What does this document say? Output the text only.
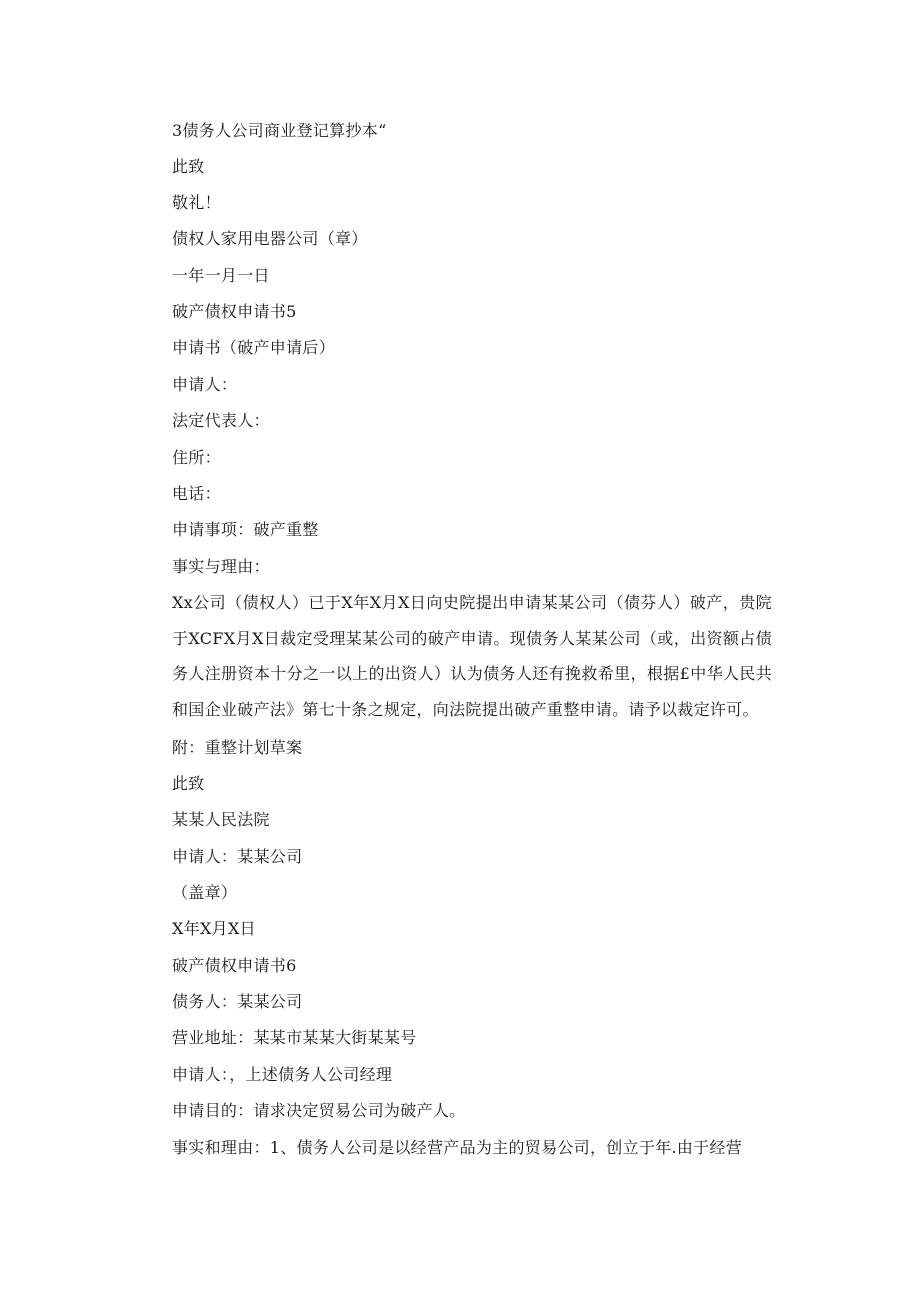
3债务人公司商业登记算抄本“
此致
敬礼！
债权人家用电器公司（章）
一年一月一日
破产债权申请书5
申请书（破产申请后）
申请人：
法定代表人：
住所：
电话：
申请事项：破产重整
事实与理由：
Xx公司（债权人）已于X年X月X日向史院提出申请某某公司（债芬人）破产，贵院于XCFX月X日裁定受理某某公司的破产申请。现债务人某某公司（或，出资额占债务人注册资本十分之一以上的出资人）认为债务人还有挽救希里，根据£中华人民共和国企业破产法》第七十条之规定，向法院提出破产重整申请。请予以裁定许可。
附：重整计划草案
此致
某某人民法院
申请人：某某公司
（盖章）
X年X月X日
破产债权申请书6
债务人：某某公司
营业地址：某某市某某大街某某号
申请人：，上述债务人公司经理
申请目的：请求决定贸易公司为破产人。
事实和理由：1、债务人公司是以经营产品为主的贸易公司，创立于年.由于经营
